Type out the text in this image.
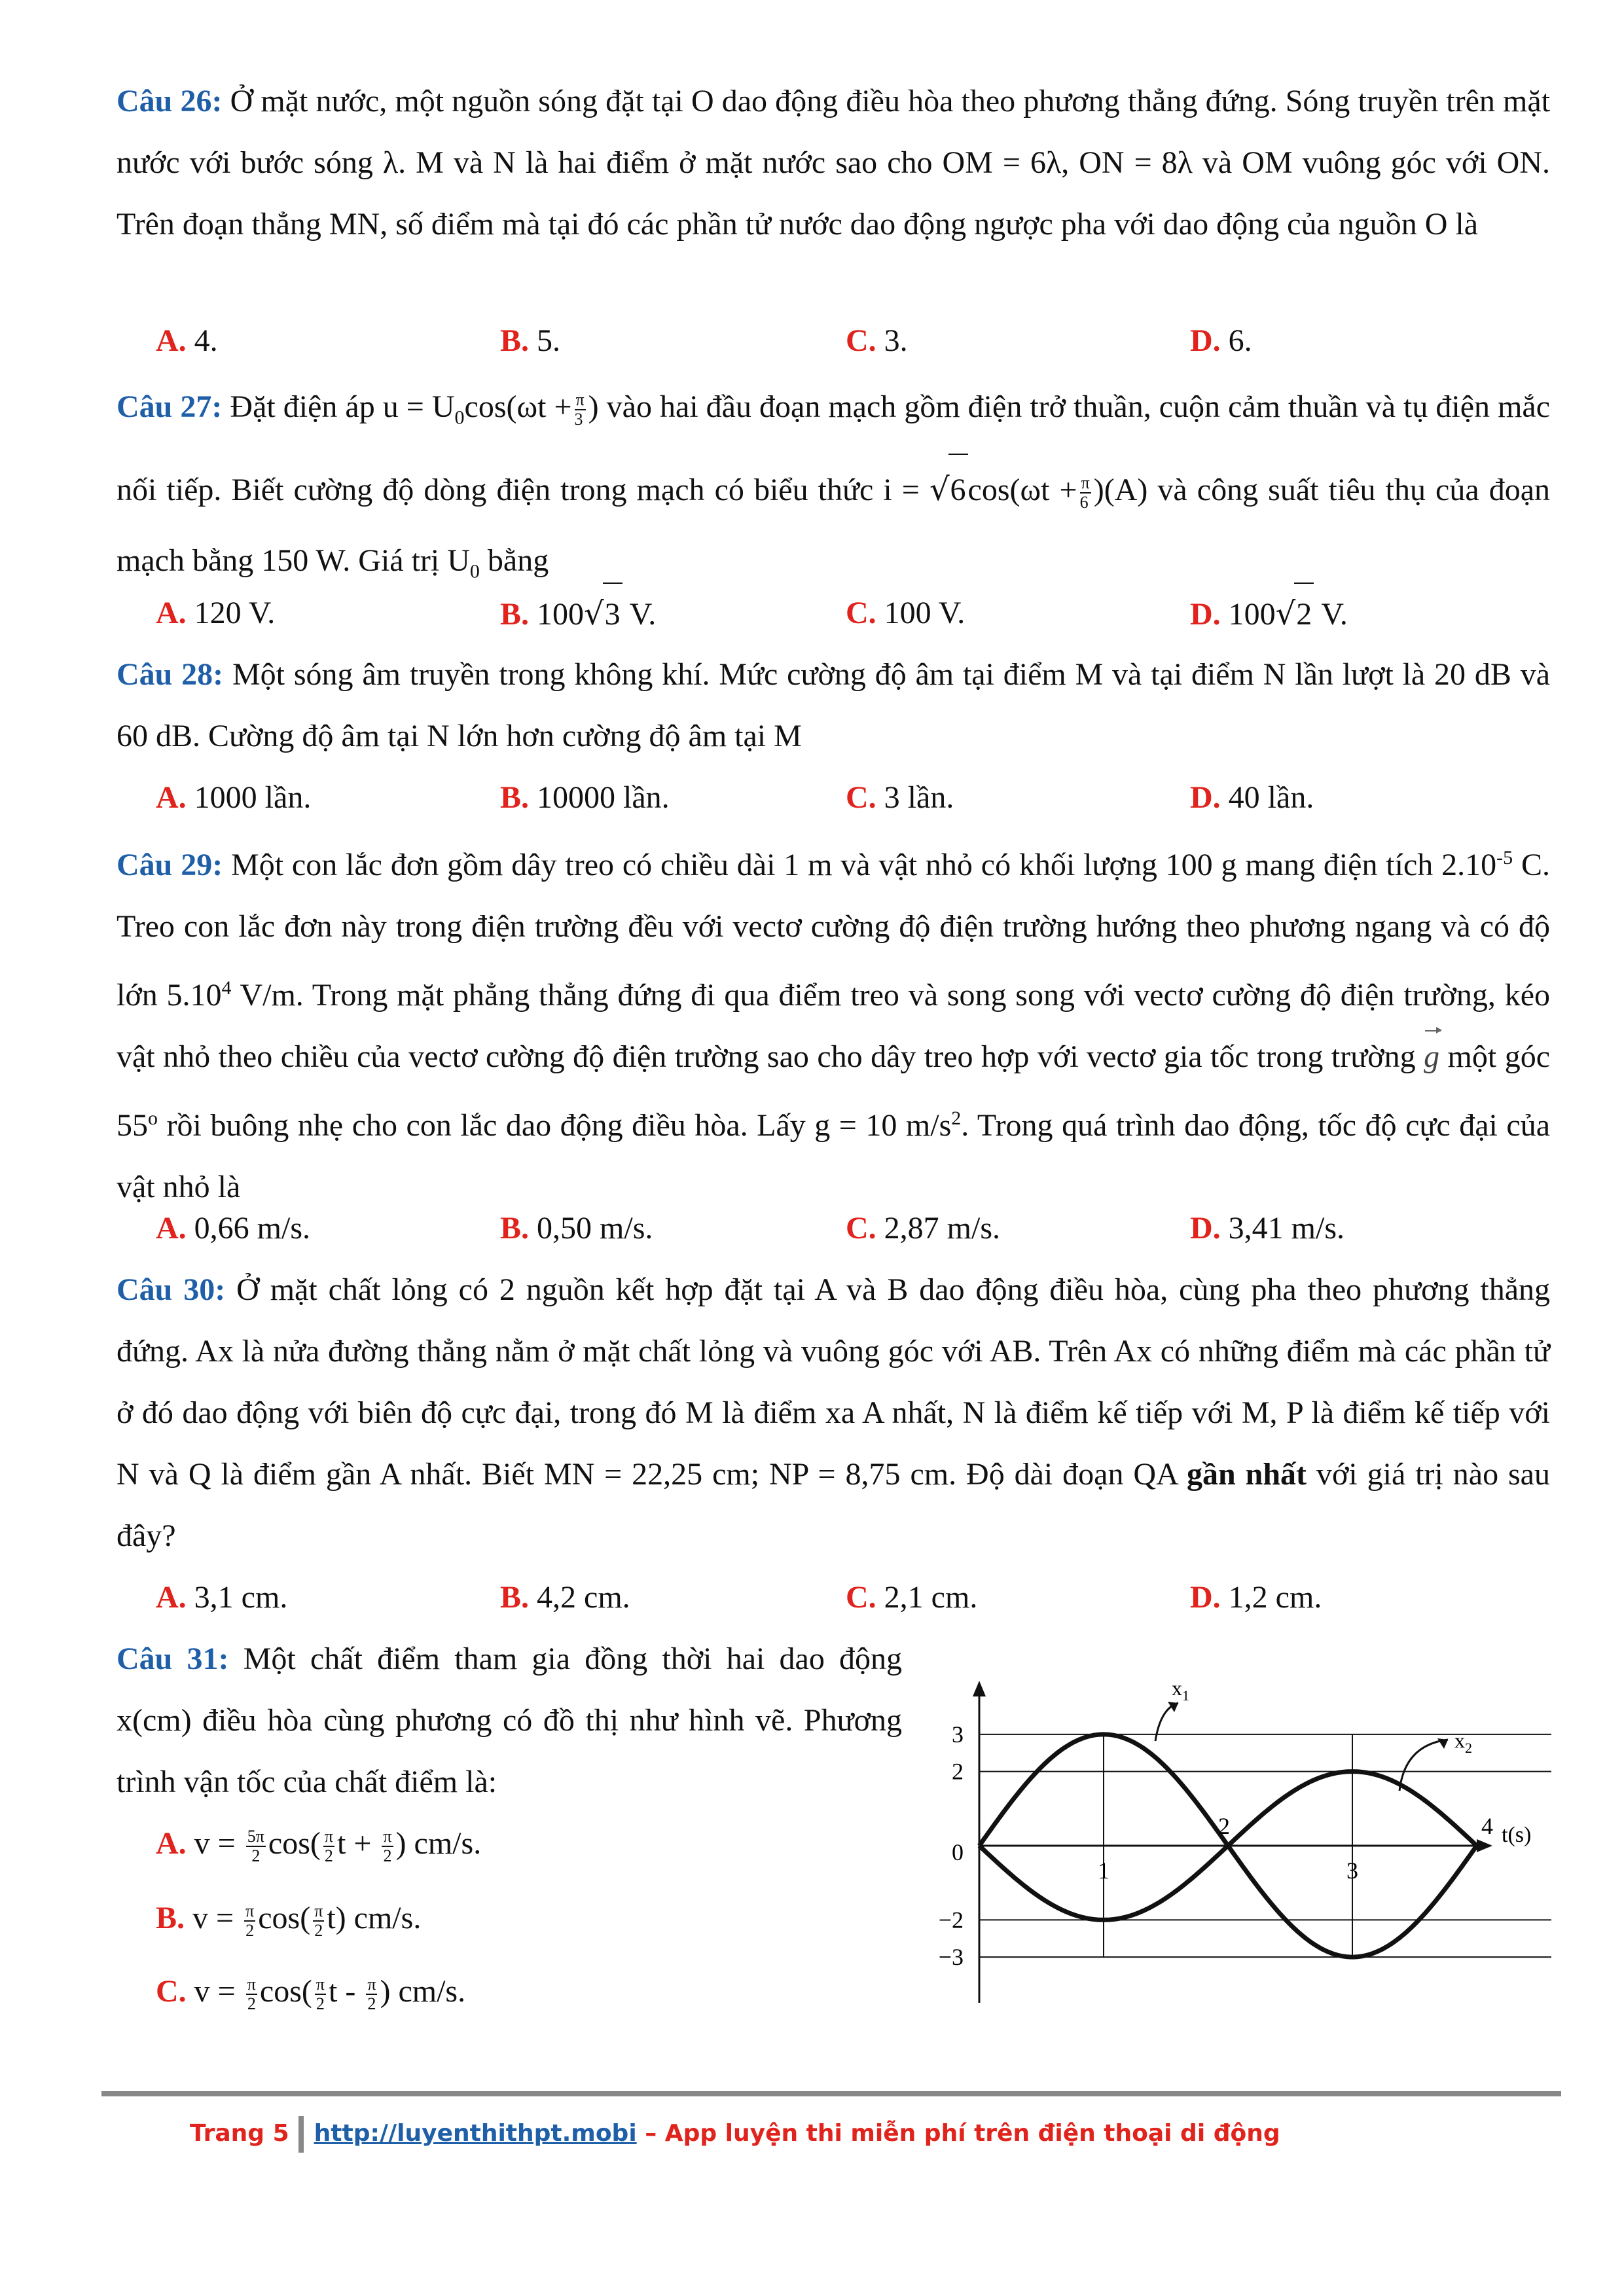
Câu 26: Ở mặt nước, một nguồn sóng đặt tại O dao động điều hòa theo phương thẳng đứng. Sóng truyền trên mặt nước với bước sóng λ. M và N là hai điểm ở mặt nước sao cho OM = 6λ, ON = 8λ và OM vuông góc với ON. Trên đoạn thẳng MN, số điểm mà tại đó các phần tử nước dao động ngược pha với dao động của nguồn O là
A. 4.	B. 5.	C. 3.	D. 6.
Câu 27: Đặt điện áp $u = U_0\cos(\omega t + \frac{\pi}{3}$ ) vào hai đầu đoạn mạch gồm điện trở thuần, cuộn cảm thuần và tụ điện mắc nối tiếp. Biết cường độ dòng điện trong mạch có biểu thức $i = √6\cos(\omega t + \frac{\pi}{6} )(A)$ và công suất tiêu thụ của đoạn mạch bằng 150 W. Giá trị $U_0$ bằng
A. 120 V.	B. 100√3 V.	C. 100 V.	D. 100√2 V.
Câu 28: Một sóng âm truyền trong không khí. Mức cường độ âm tại điểm M và tại điểm N lần lượt là 20 dB và 60 dB. Cường độ âm tại N lớn hơn cường độ âm tại M
A. 1000 lần.	B. 10000 lần.	C. 3 lần.	D. 40 lần.
Câu 29: Một con lắc đơn gồm dây treo có chiều dài 1 m và vật nhỏ có khối lượng 100 g mang điện tích $2.10^{-5}$ C. Treo con lắc đơn này trong điện trường đều với vectơ cường độ điện trường hướng theo phương ngang và có độ lớn 5.10$^4$ V/m. Trong mặt phẳng thẳng đứng đi qua điểm treo và song song với vectơ cường độ điện trường, kéo vật nhỏ theo chiều của vectơ cường độ điện trường sao cho dây treo hợp với vectơ gia tốc trong trường g một góc 55$^o$ rồi buông nhẹ cho con lắc dao động điều hòa. Lấy g = 10 $m/s^2$. Trong quá trình dao động, tốc độ cực đại của vật nhỏ là
A. 0,66 m/s.	B. 0,50 m/s.	C. 2,87 m/s.	D. 3,41 m/s.
Câu 30: Ở mặt chất lỏng có 2 nguồn kết hợp đặt tại A và B dao động điều hòa, cùng pha theo phương thẳng đứng. Ax là nửa đường thẳng nằm ở mặt chất lỏng và vuông góc với AB. Trên Ax có những điểm mà các phần tử ở đó dao động với biên độ cực đại, trong đó M là điểm xa A nhất, N là điểm kế tiếp với M, P là điểm kế tiếp với N và Q là điểm gần A nhất. Biết MN = 22,25 cm; NP = 8,75 cm. Độ dài đoạn QA gần nhất với giá trị nào sau đây?
A. 3,1 cm.	B. 4,2 cm.	C. 2,1 cm.	D. 1,2 cm.
Câu 31: Một chất điểm tham gia đồng thời hai dao động x(cm) điều hòa cùng phương có đồ thị như hình vẽ. Phương trình vận tốc của chất điểm là:
A. $v = \frac{5\pi}{2} \cos( \frac{\pi}{2}$ $t + \frac{\pi}{2}$ ) cm/s.
B. $v = \frac{\pi}{2} \cos( \frac{\pi}{2} t)$ cm/s.
C. $v = \frac{\pi}{2} \cos( \frac{\pi}{2}$ t - $\frac{\pi}{2}$ ) cm/s.
3
2
0
−2
−3
1
2
3
4 t(s)
$x_1$
$x_2$
Trang 5 http://luyenthithpt.mobi – App luyện thi miễn phí trên điện thoại di động
